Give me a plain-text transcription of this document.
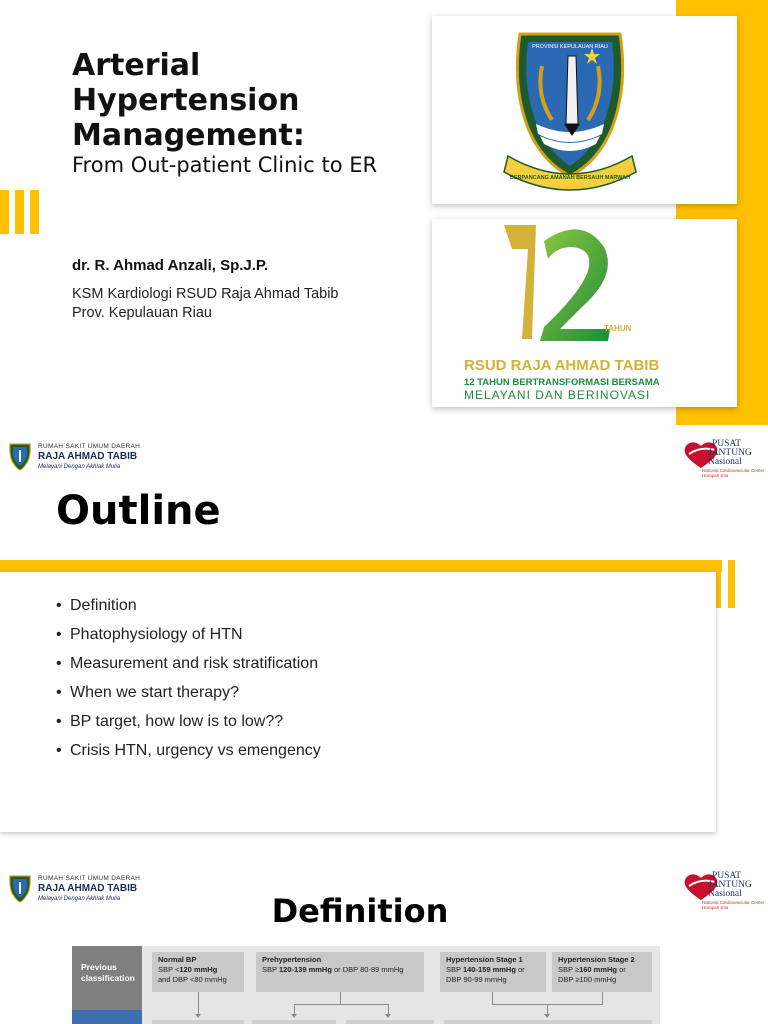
Arterial Hypertension Management:
From Out-patient Clinic to ER
dr. R. Ahmad Anzali, Sp.J.P.
KSM Kardiologi RSUD Raja Ahmad Tabib
Prov. Kepulauan Riau
PROVINSI KEPULAUAN RIAU
BERPANCANG AMANAH BERSAUH MARWAH
TAHUN
RSUD RAJA AHMAD TABIB
12 TAHUN BERTRANSFORMASI BERSAMA
MELAYANI DAN BERINOVASI
RUMAH SAKIT UMUM DAERAH
RAJA AHMAD TABIB
Melayani Dengan Akhlak Mulia
PUSAT
JANTUNG
Nasional
National Cardiovascular Center Harapan Kita
Outline
• Definition
• Phatophysiology of HTN
• Measurement and risk stratification
• When we start therapy?
• BP target, how low is to low??
• Crisis HTN, urgency vs emengency
RUMAH SAKIT UMUM DAERAH
RAJA AHMAD TABIB
Melayani Dengan Akhlak Mulia
PUSAT
JANTUNG
Nasional
National Cardiovascular Center Harapan Kita
Definition
Previous classification
Normal BP
SBP <120 mmHg
and DBP <80 mmHg
Prehypertension
SBP 120-139 mmHg or DBP 80-89 mmHg
Hypertension Stage 1
SBP 140-159 mmHg or
DBP 90-99 mmHg
Hypertension Stage 2
SBP ≥160 mmHg or
DBP ≥100 mmHg
